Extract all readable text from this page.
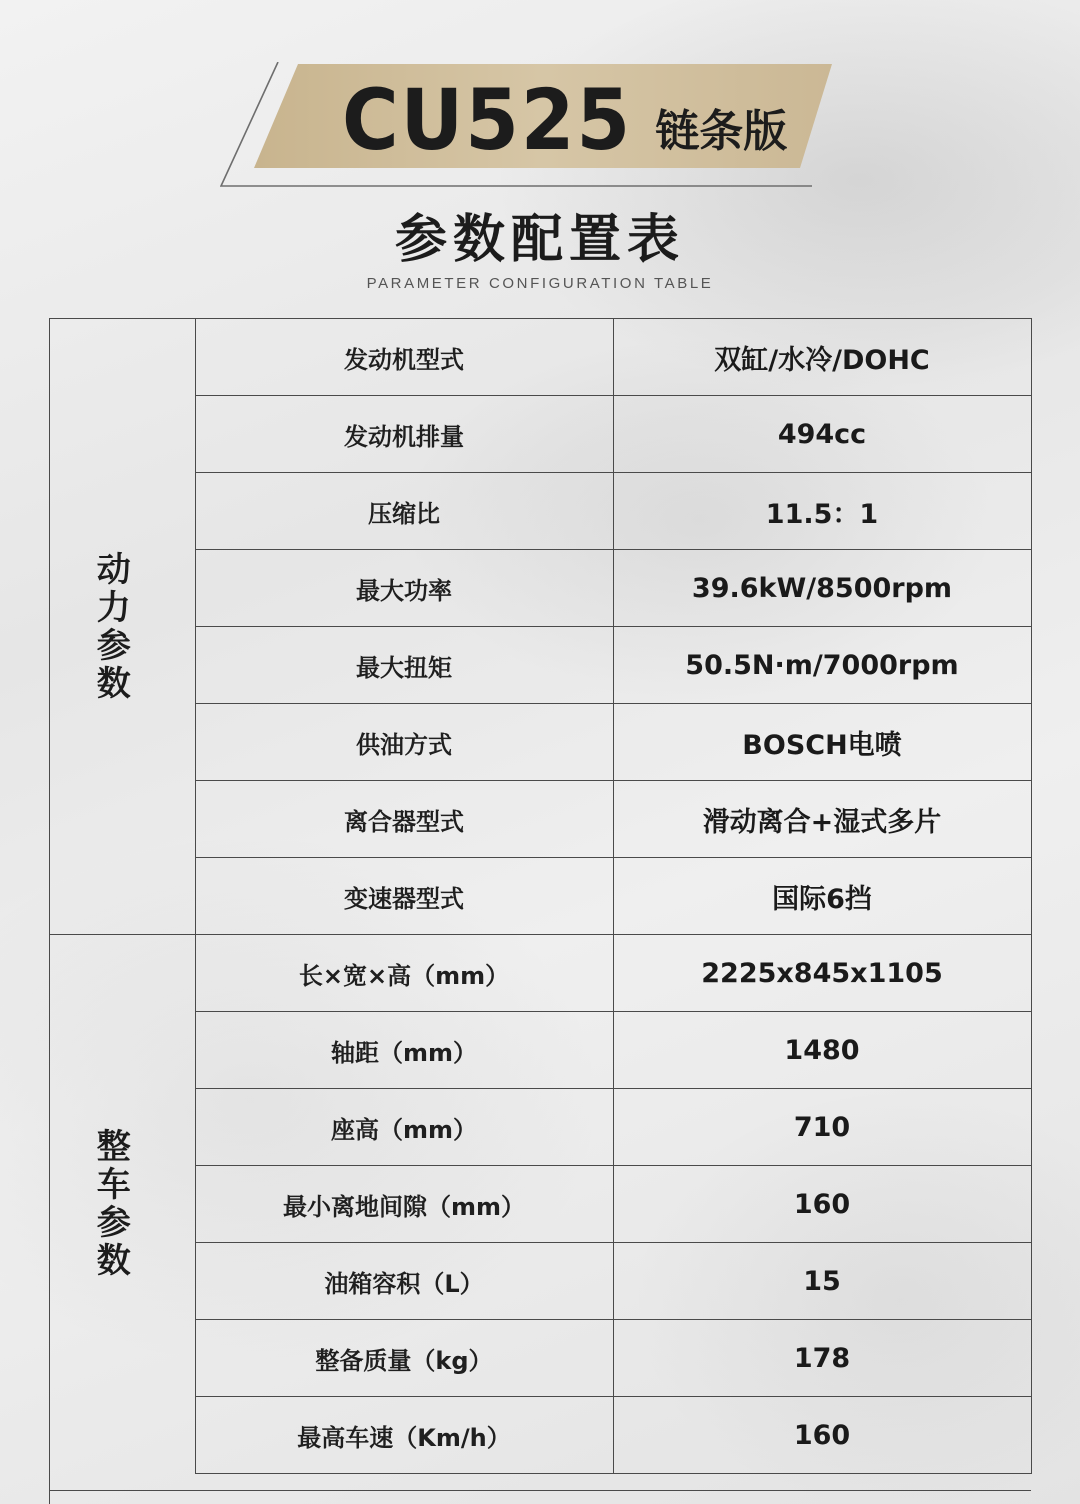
CU525 链条版
参数配置表
PARAMETER CONFIGURATION TABLE
动力参数	发动机型式	双缸/水冷/DOHC
	发动机排量	494cc
	压缩比	11.5：1
	最大功率	39.6kW/8500rpm
	最大扭矩	50.5N·m/7000rpm
	供油方式	BOSCH电喷
	离合器型式	滑动离合+湿式多片
	变速器型式	国际6挡
整车参数	长×宽×高（mm）	2225x845x1105
	轴距（mm）	1480
	座高（mm）	710
	最小离地间隙（mm）	160
	油箱容积（L）	15
	整备质量（kg）	178
	最高车速（Km/h）	160
